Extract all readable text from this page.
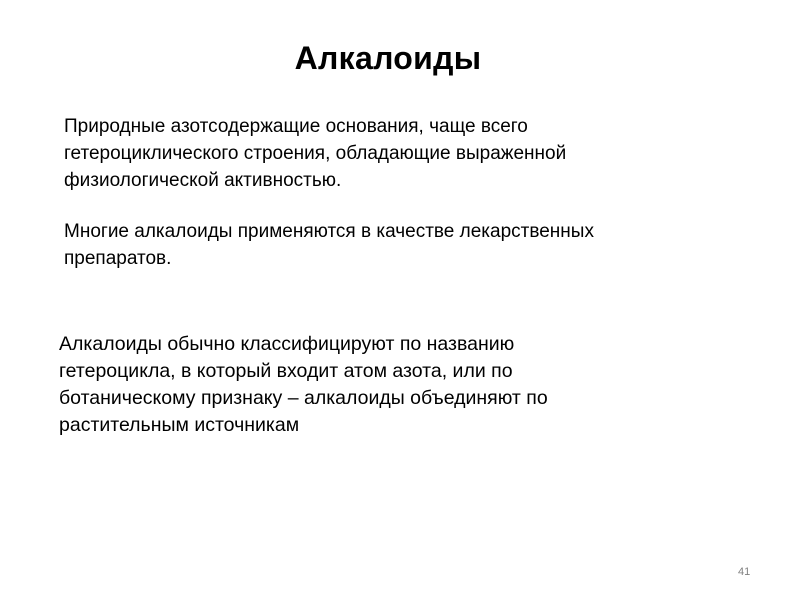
Алкалоиды

Природные азотсодержащие основания, чаще всего
гетероциклического строения, обладающие выраженной
физиологической активностью.

Многие алкалоиды применяются в качестве лекарственных
препаратов.

Алкалоиды обычно классифицируют по названию
гетероцикла, в который входит атом азота, или по
ботаническому признаку – алкалоиды объединяют по
растительным источникам

41
